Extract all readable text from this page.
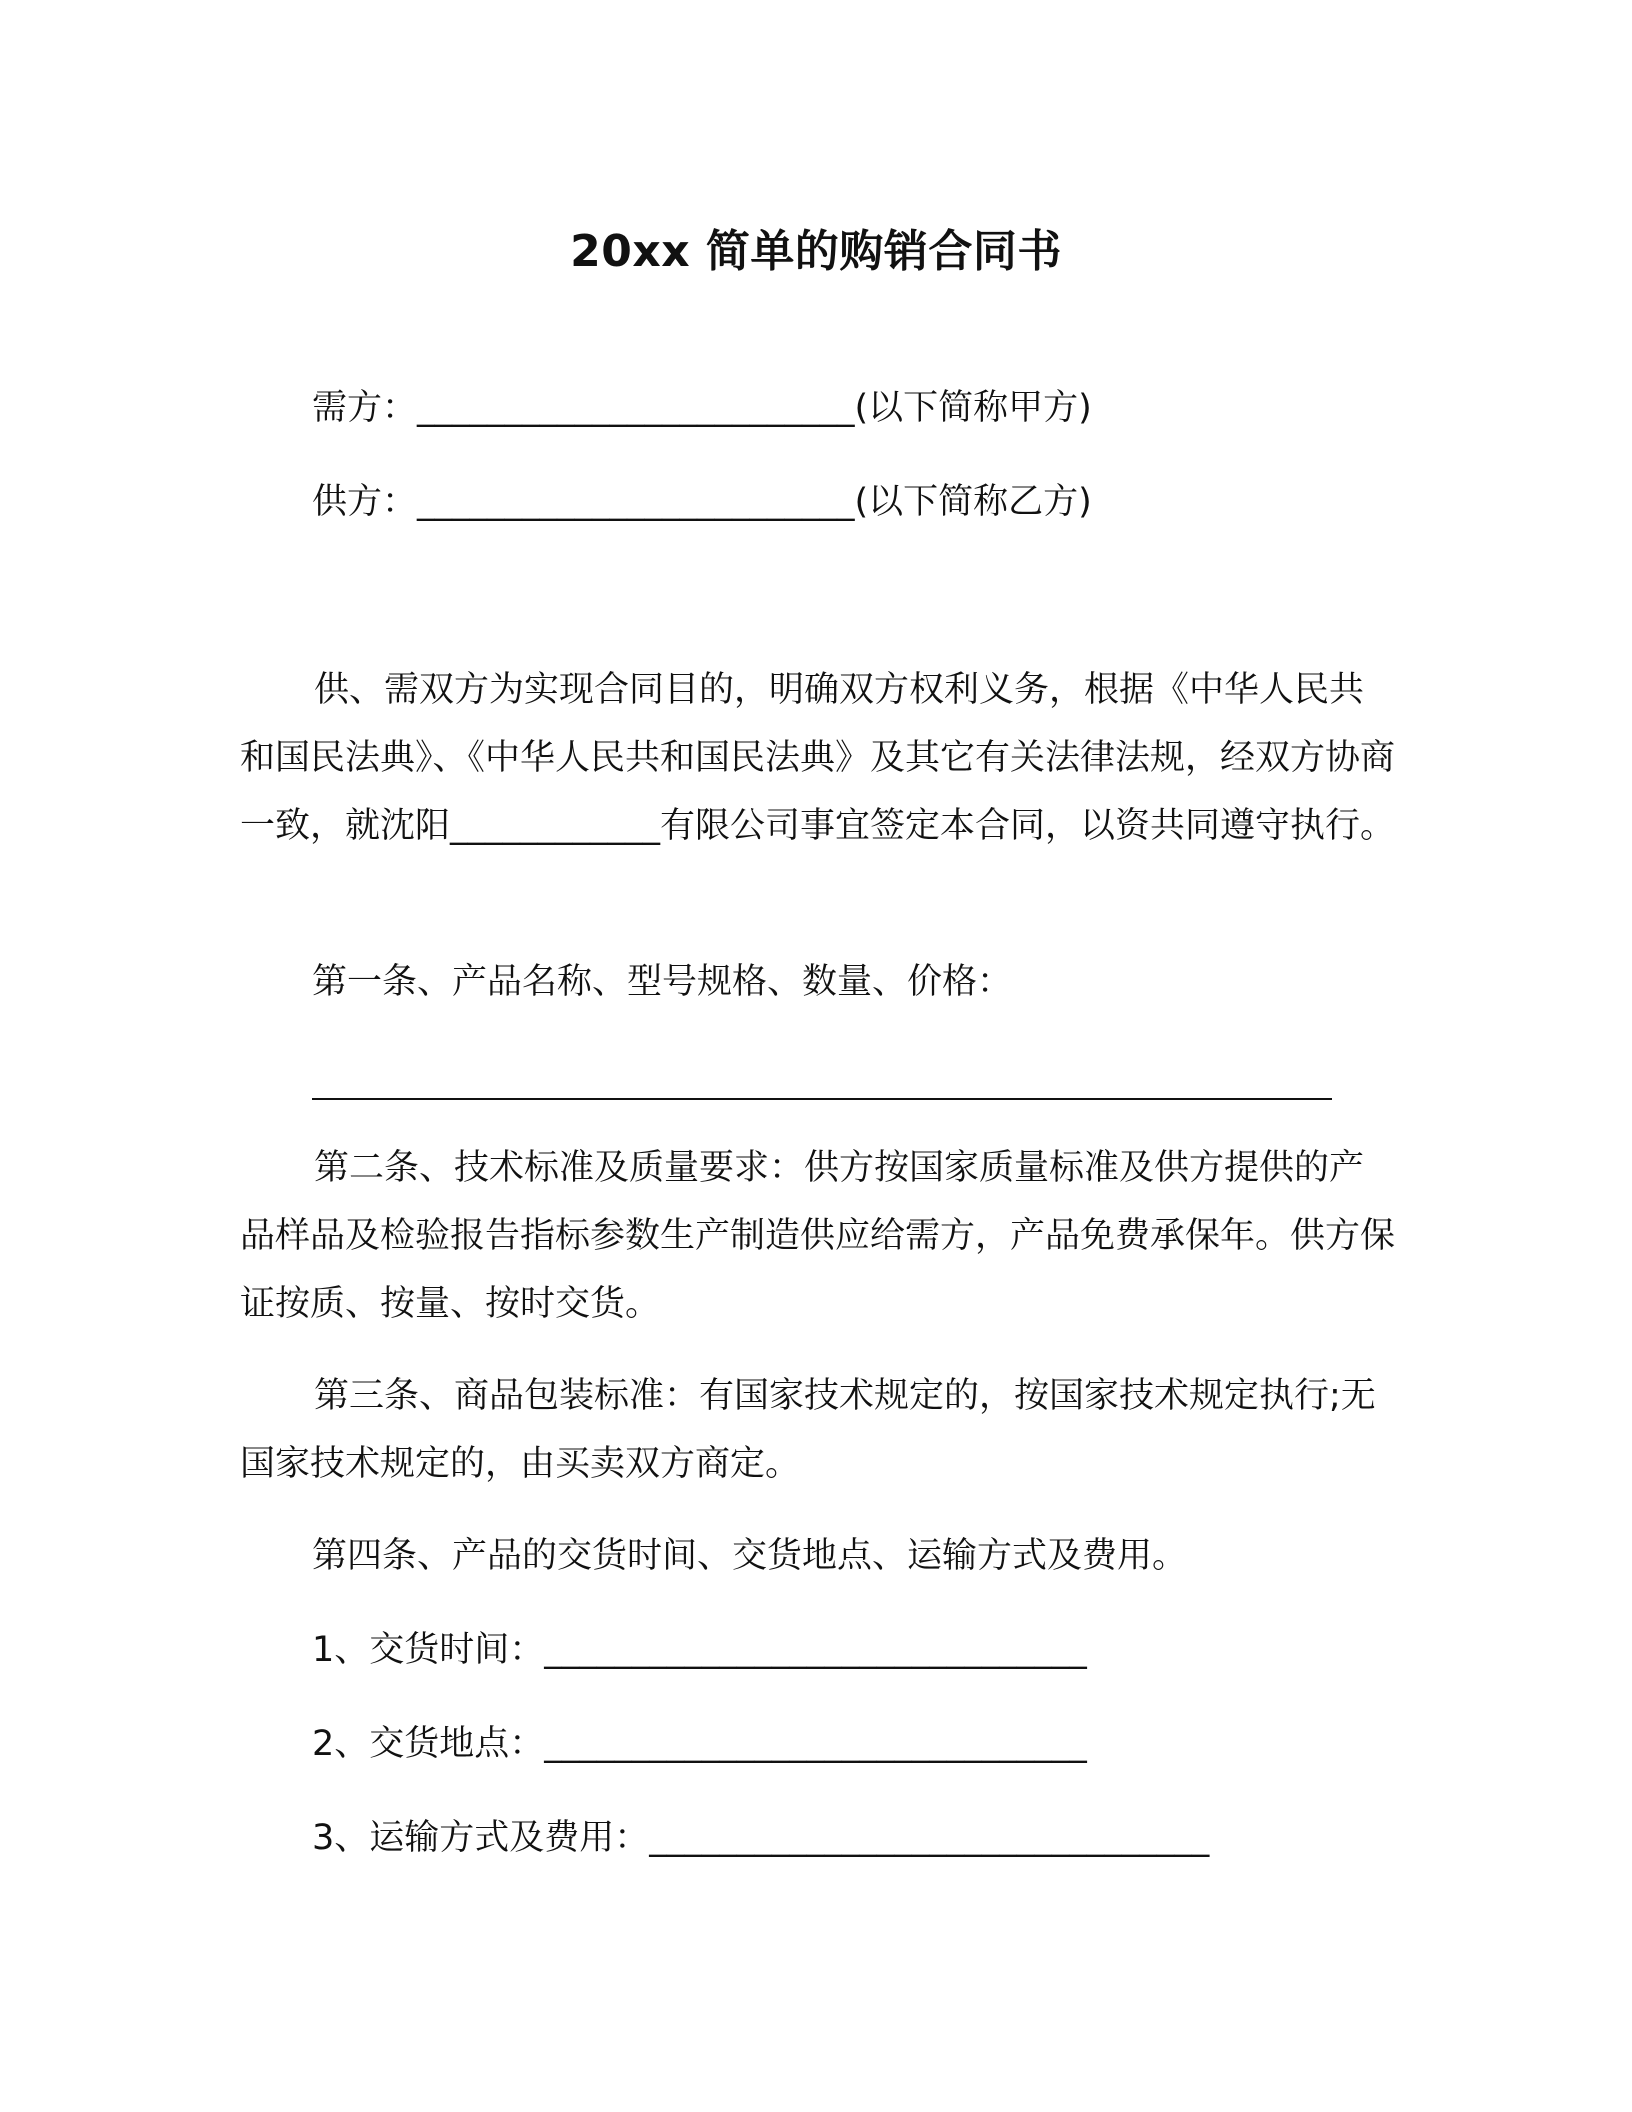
20xx 简单的购销合同书

需方：_________________________(以下简称甲方)

供方：_________________________(以下简称乙方)

供、需双方为实现合同目的，明确双方权利义务，根据《中华人民共和国民法典》、《中华人民共和国民法典》及其它有关法律法规，经双方协商一致，就沈阳____________有限公司事宜签定本合同，以资共同遵守执行。

第一条、产品名称、型号规格、数量、价格：

第二条、技术标准及质量要求：供方按国家质量标准及供方提供的产品样品及检验报告指标参数生产制造供应给需方，产品免费承保年。供方保证按质、按量、按时交货。

第三条、商品包装标准：有国家技术规定的，按国家技术规定执行;无国家技术规定的，由买卖双方商定。

第四条、产品的交货时间、交货地点、运输方式及费用。

1、交货时间：_______________________________

2、交货地点：_______________________________

3、运输方式及费用：________________________________
